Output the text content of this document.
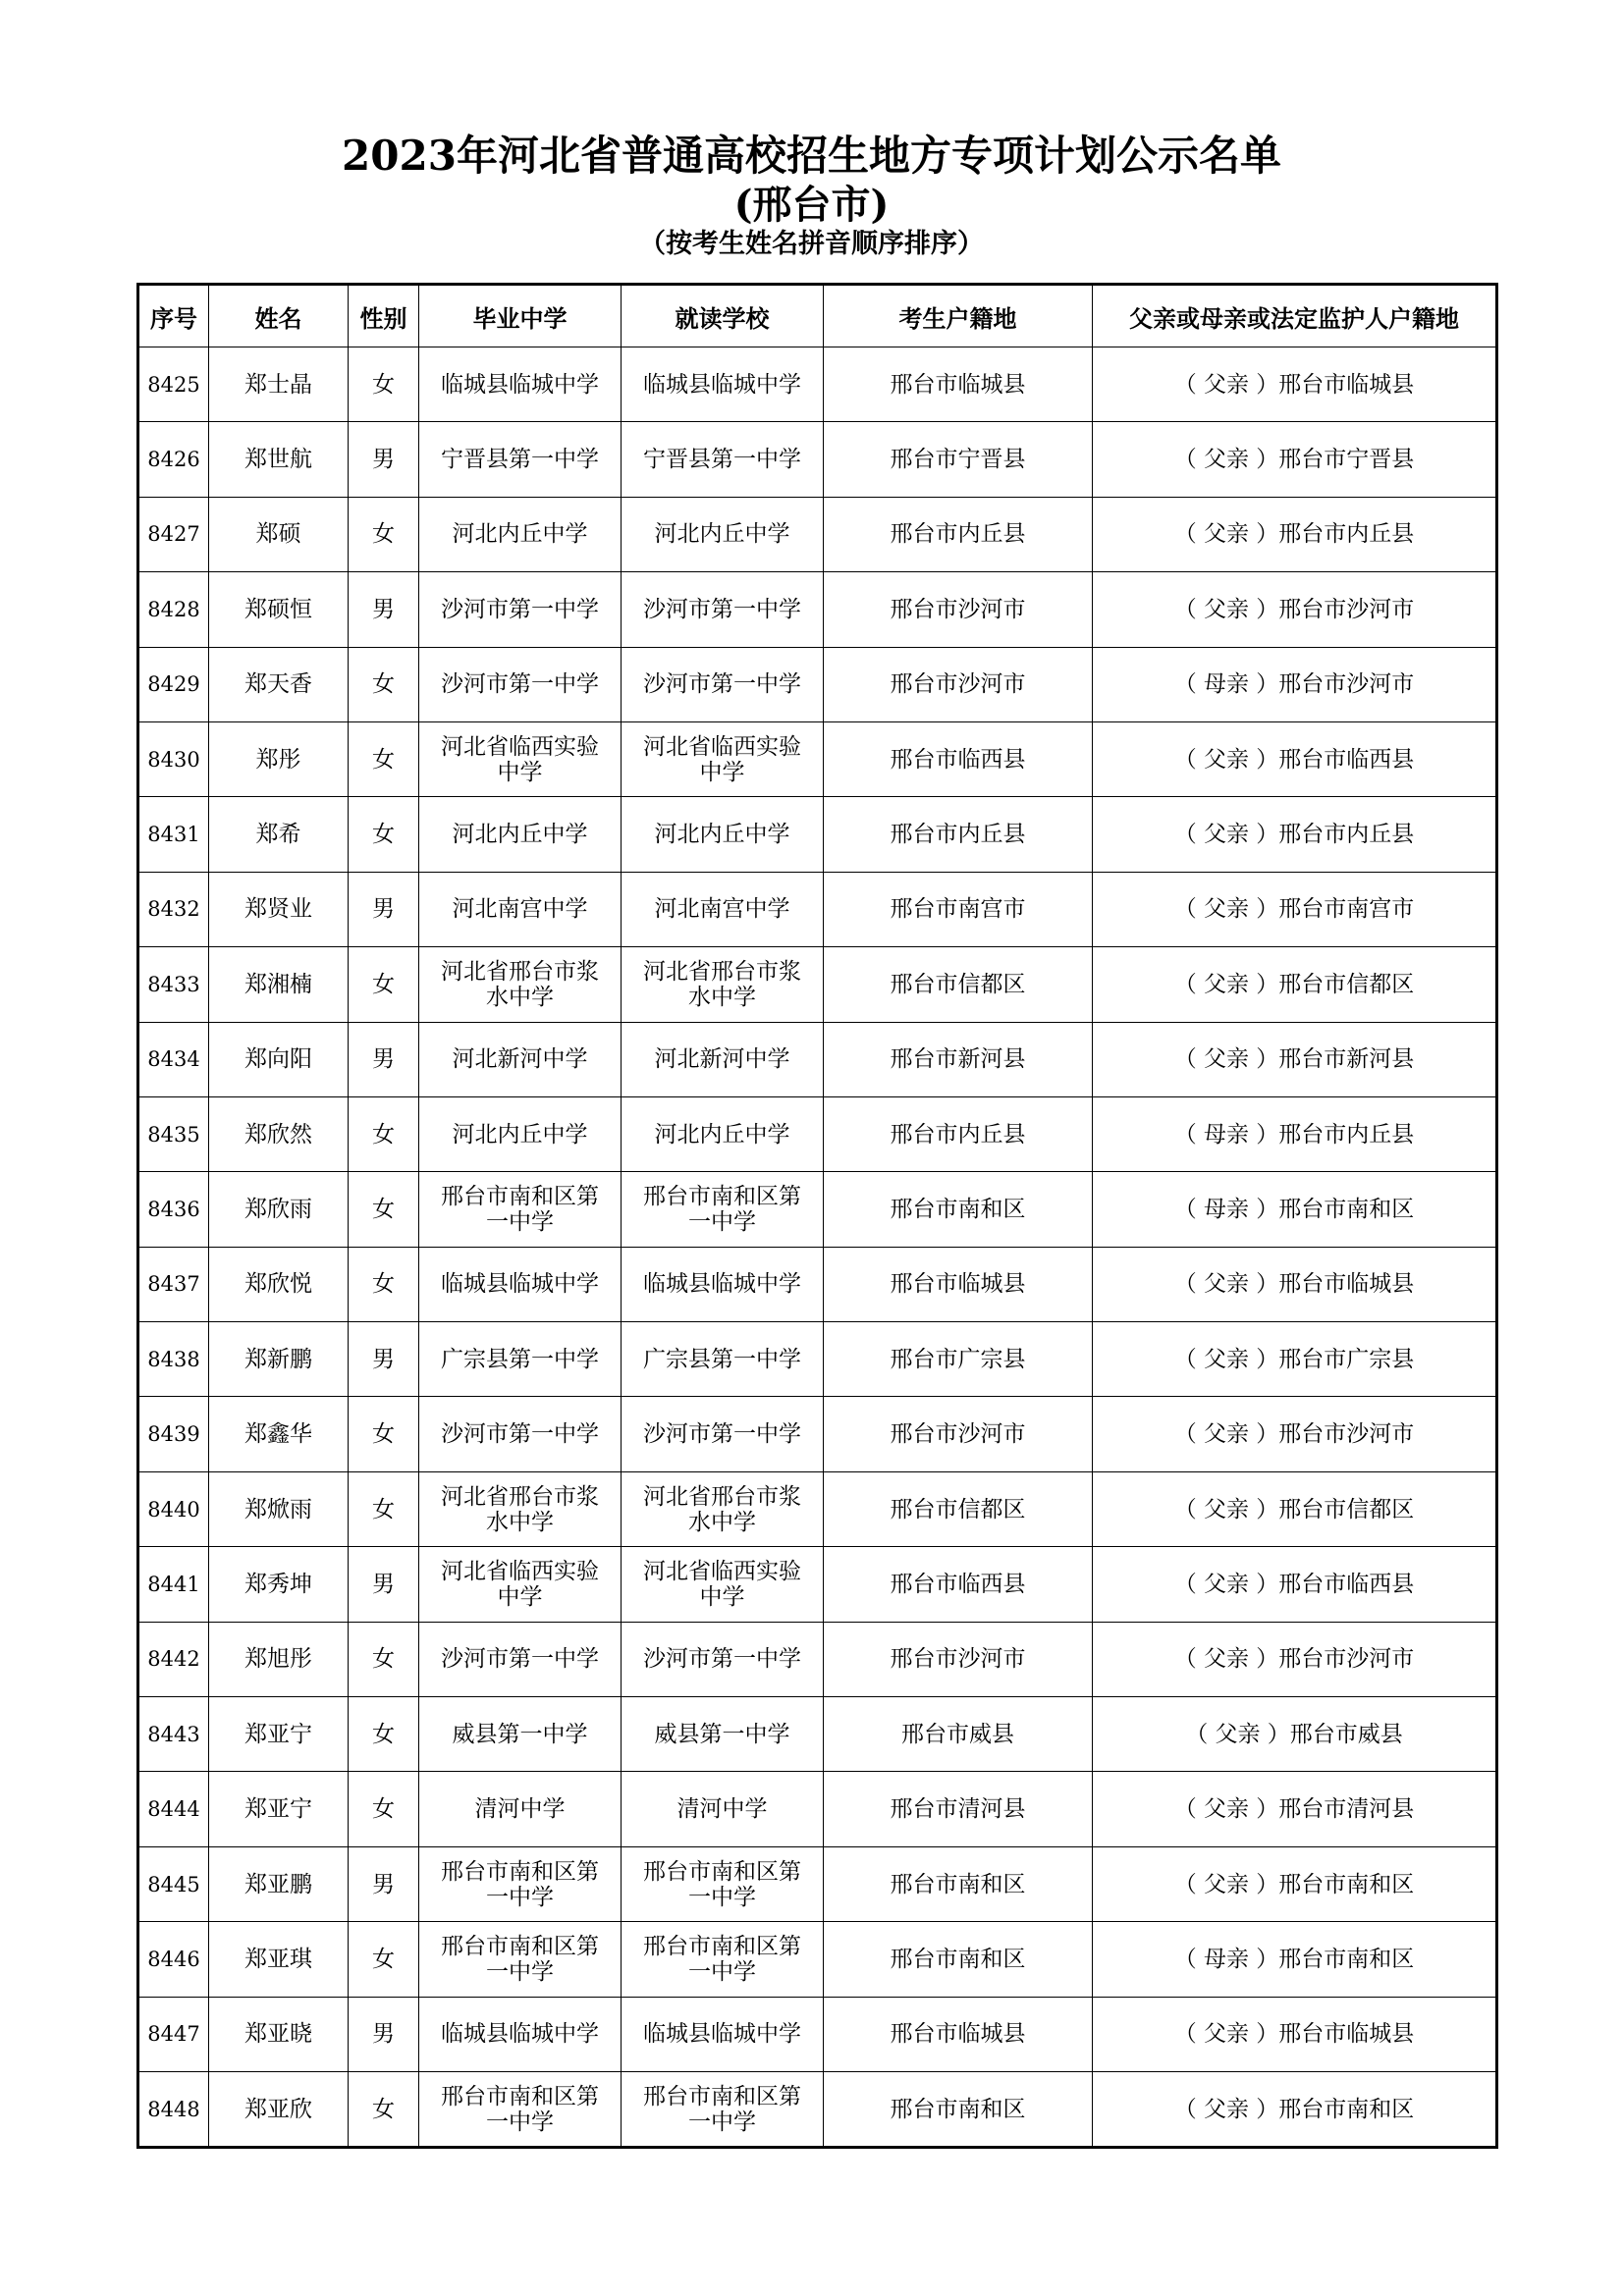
2023年河北省普通高校招生地方专项计划公示名单
(邢台市)
（按考生姓名拼音顺序排序）
序号	姓名	性别	毕业中学	就读学校	考生户籍地	父亲或母亲或法定监护人户籍地
8425	郑士晶	女	临城县临城中学	临城县临城中学	邢台市临城县	（ 父亲 ）邢台市临城县
8426	郑世航	男	宁晋县第一中学	宁晋县第一中学	邢台市宁晋县	（ 父亲 ）邢台市宁晋县
8427	郑硕	女	河北内丘中学	河北内丘中学	邢台市内丘县	（ 父亲 ）邢台市内丘县
8428	郑硕恒	男	沙河市第一中学	沙河市第一中学	邢台市沙河市	（ 父亲 ）邢台市沙河市
8429	郑天香	女	沙河市第一中学	沙河市第一中学	邢台市沙河市	（ 母亲 ）邢台市沙河市
8430	郑彤	女	河北省临西实验中学	河北省临西实验中学	邢台市临西县	（ 父亲 ）邢台市临西县
8431	郑希	女	河北内丘中学	河北内丘中学	邢台市内丘县	（ 父亲 ）邢台市内丘县
8432	郑贤业	男	河北南宫中学	河北南宫中学	邢台市南宫市	（ 父亲 ）邢台市南宫市
8433	郑湘楠	女	河北省邢台市浆水中学	河北省邢台市浆水中学	邢台市信都区	（ 父亲 ）邢台市信都区
8434	郑向阳	男	河北新河中学	河北新河中学	邢台市新河县	（ 父亲 ）邢台市新河县
8435	郑欣然	女	河北内丘中学	河北内丘中学	邢台市内丘县	（ 母亲 ）邢台市内丘县
8436	郑欣雨	女	邢台市南和区第一中学	邢台市南和区第一中学	邢台市南和区	（ 母亲 ）邢台市南和区
8437	郑欣悦	女	临城县临城中学	临城县临城中学	邢台市临城县	（ 父亲 ）邢台市临城县
8438	郑新鹏	男	广宗县第一中学	广宗县第一中学	邢台市广宗县	（ 父亲 ）邢台市广宗县
8439	郑鑫华	女	沙河市第一中学	沙河市第一中学	邢台市沙河市	（ 父亲 ）邢台市沙河市
8440	郑焮雨	女	河北省邢台市浆水中学	河北省邢台市浆水中学	邢台市信都区	（ 父亲 ）邢台市信都区
8441	郑秀坤	男	河北省临西实验中学	河北省临西实验中学	邢台市临西县	（ 父亲 ）邢台市临西县
8442	郑旭彤	女	沙河市第一中学	沙河市第一中学	邢台市沙河市	（ 父亲 ）邢台市沙河市
8443	郑亚宁	女	威县第一中学	威县第一中学	邢台市威县	（ 父亲 ）邢台市威县
8444	郑亚宁	女	清河中学	清河中学	邢台市清河县	（ 父亲 ）邢台市清河县
8445	郑亚鹏	男	邢台市南和区第一中学	邢台市南和区第一中学	邢台市南和区	（ 父亲 ）邢台市南和区
8446	郑亚琪	女	邢台市南和区第一中学	邢台市南和区第一中学	邢台市南和区	（ 母亲 ）邢台市南和区
8447	郑亚晓	男	临城县临城中学	临城县临城中学	邢台市临城县	（ 父亲 ）邢台市临城县
8448	郑亚欣	女	邢台市南和区第一中学	邢台市南和区第一中学	邢台市南和区	（ 父亲 ）邢台市南和区
